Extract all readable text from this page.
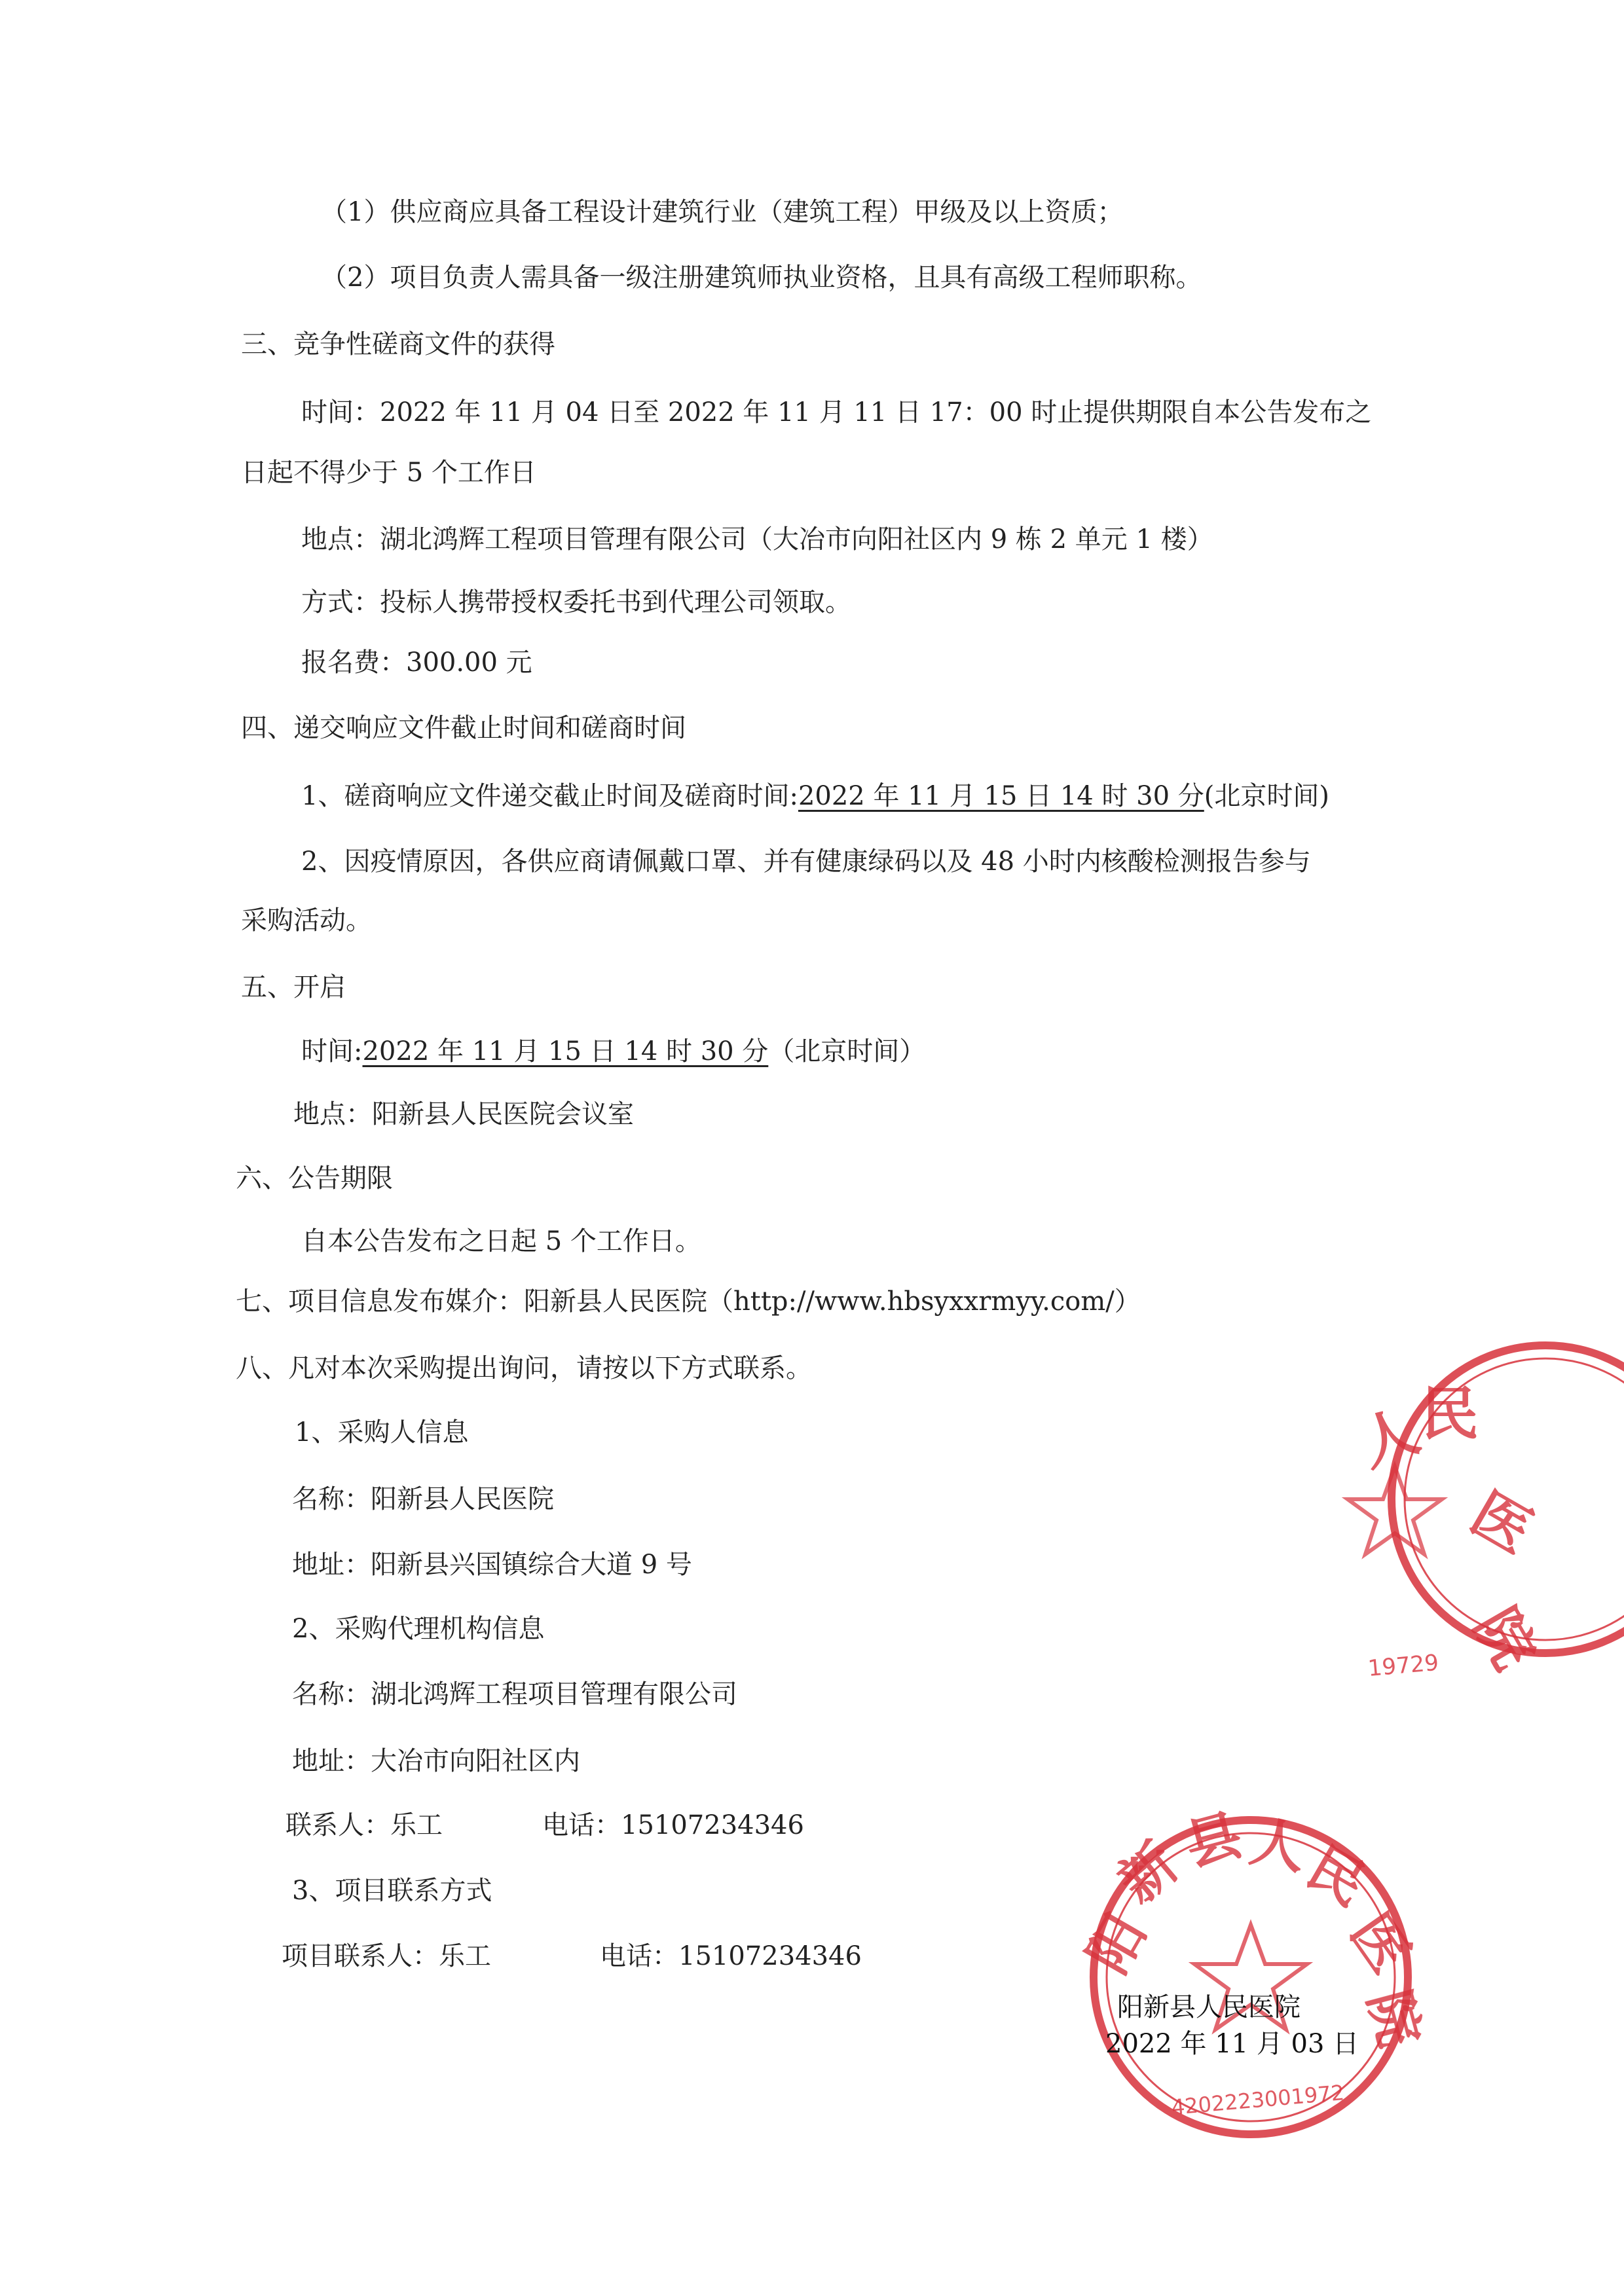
（1）供应商应具备工程设计建筑行业（建筑工程）甲级及以上资质；

（2）项目负责人需具备一级注册建筑师执业资格，且具有高级工程师职称。

三、竞争性磋商文件的获得

时间：2022 年 11 月 04 日至 2022 年 11 月 11 日 17：00 时止提供期限自本公告发布之

日起不得少于 5 个工作日

地点：湖北鸿辉工程项目管理有限公司（大冶市向阳社区内 9 栋 2 单元 1 楼）

方式：投标人携带授权委托书到代理公司领取。

报名费：300.00 元

四、递交响应文件截止时间和磋商时间

1、磋商响应文件递交截止时间及磋商时间:2022 年 11 月 15 日 14 时 30 分(北京时间)

2、因疫情原因，各供应商请佩戴口罩、并有健康绿码以及 48 小时内核酸检测报告参与

采购活动。

五、开启

时间:2022 年 11 月 15 日 14 时 30 分（北京时间）

地点：阳新县人民医院会议室

六、公告期限

自本公告发布之日起 5 个工作日。

七、项目信息发布媒介：阳新县人民医院（http://www.hbsyxxrmyy.com/）

八、凡对本次采购提出询问，请按以下方式联系。

1、采购人信息

名称：阳新县人民医院

地址：阳新县兴国镇综合大道 9 号

2、采购代理机构信息

名称：湖北鸿辉工程项目管理有限公司

地址：大冶市向阳社区内

联系人：乐工	电话：15107234346

3、项目联系方式

项目联系人：乐工	电话：15107234346

人
民
医
院
19729
阳
新
县
人
民
医
院
4202223001972

阳新县人民医院

2022 年 11 月 03 日
